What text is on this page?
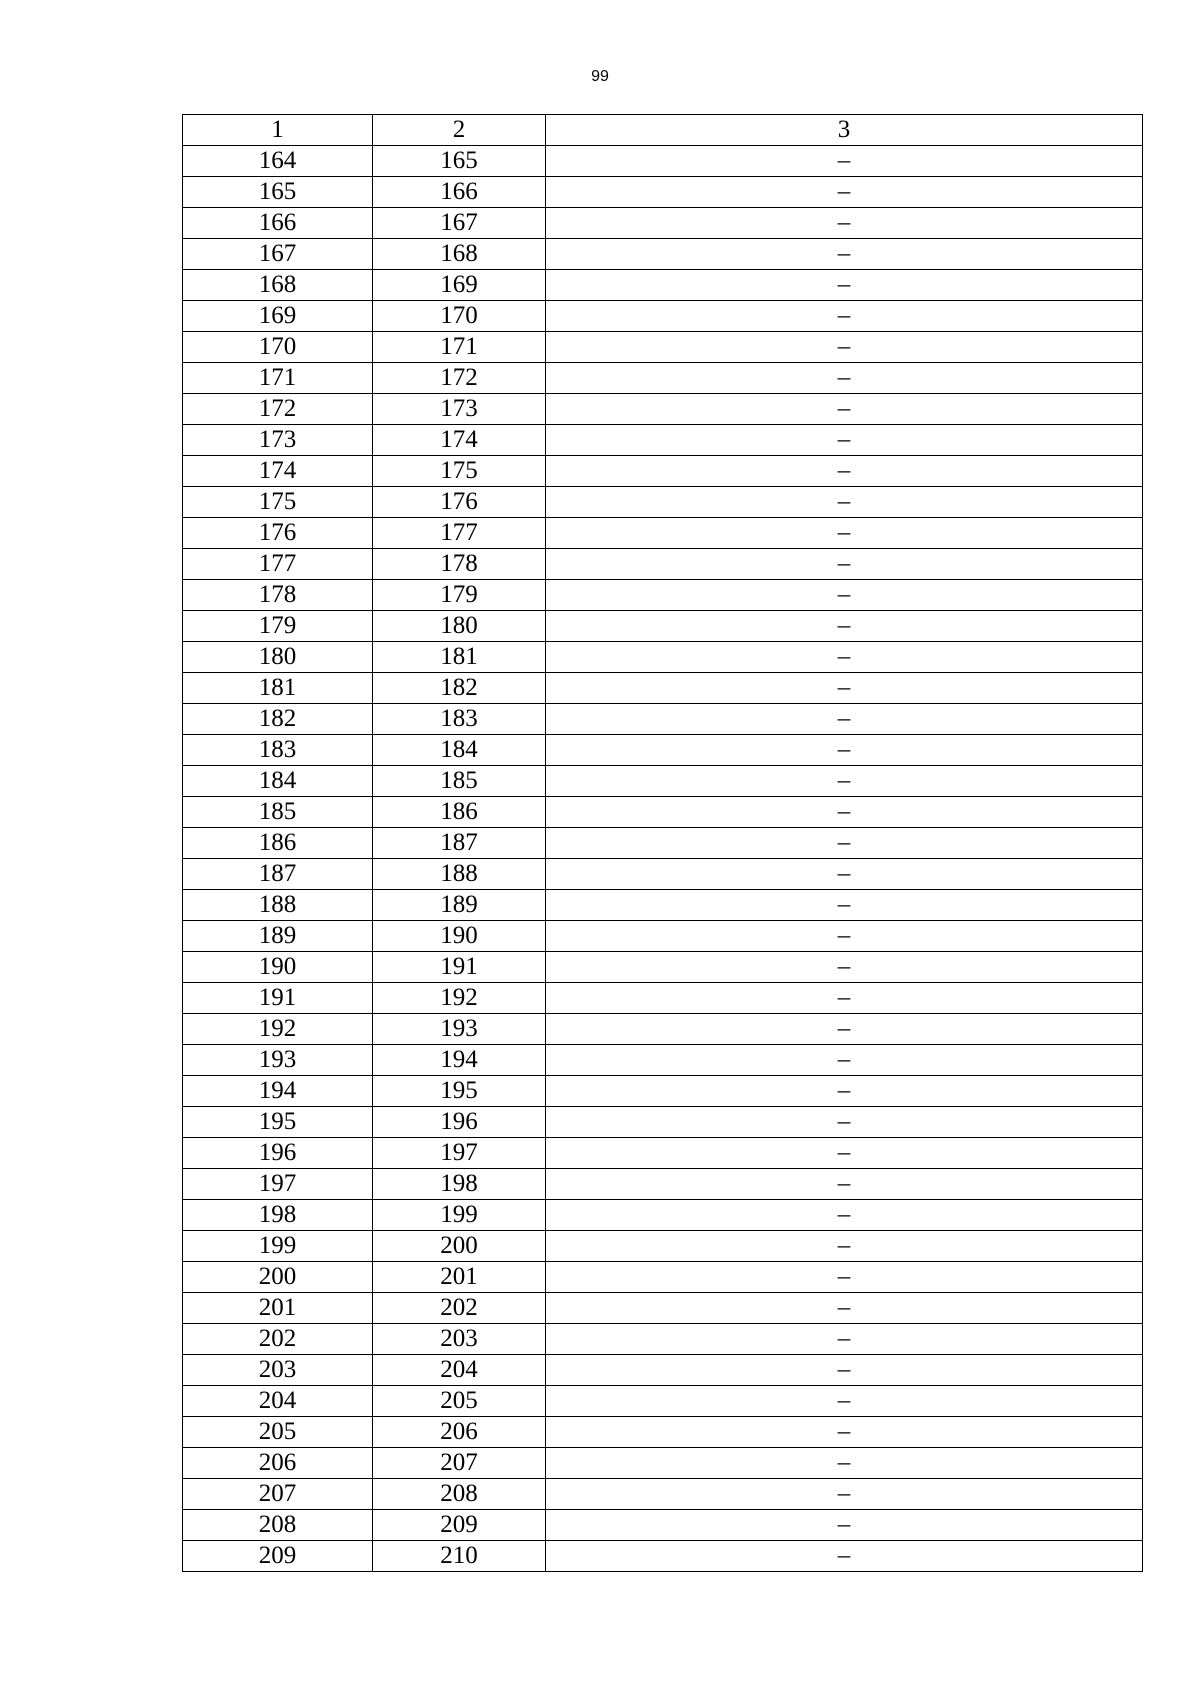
99
1	2	3
164	165	–
165	166	–
166	167	–
167	168	–
168	169	–
169	170	–
170	171	–
171	172	–
172	173	–
173	174	–
174	175	–
175	176	–
176	177	–
177	178	–
178	179	–
179	180	–
180	181	–
181	182	–
182	183	–
183	184	–
184	185	–
185	186	–
186	187	–
187	188	–
188	189	–
189	190	–
190	191	–
191	192	–
192	193	–
193	194	–
194	195	–
195	196	–
196	197	–
197	198	–
198	199	–
199	200	–
200	201	–
201	202	–
202	203	–
203	204	–
204	205	–
205	206	–
206	207	–
207	208	–
208	209	–
209	210	–
